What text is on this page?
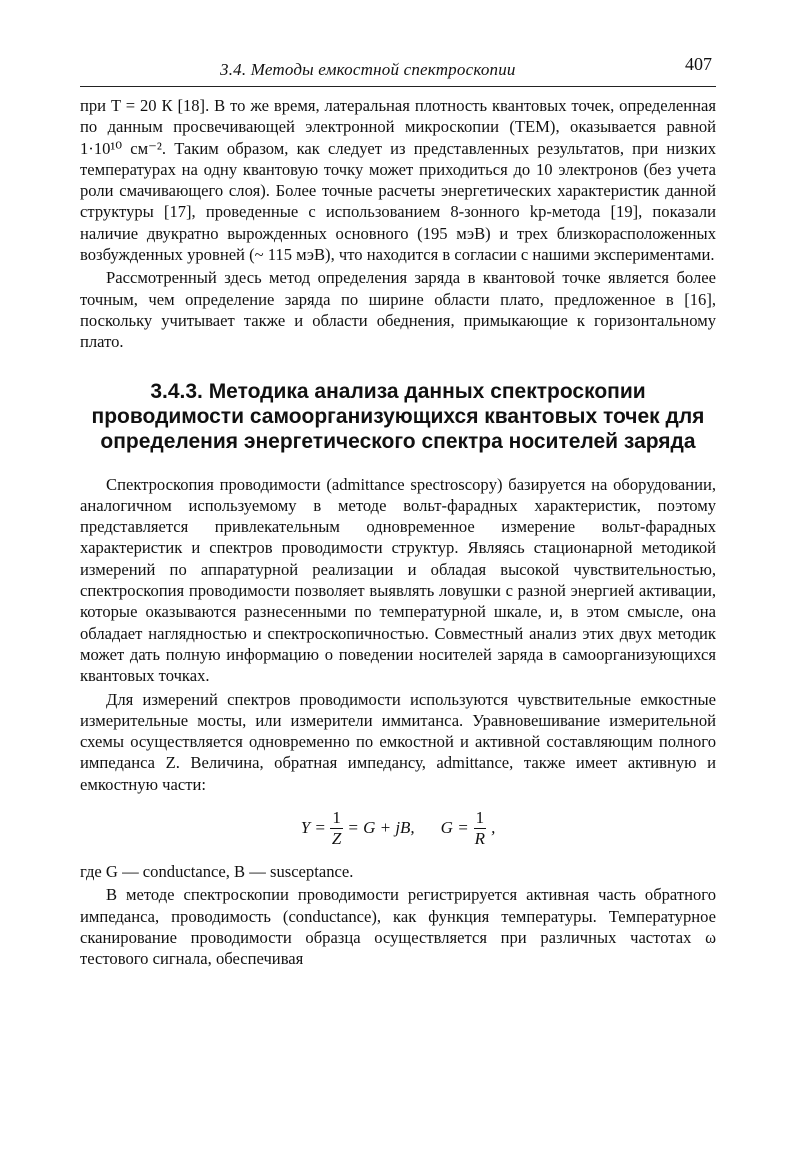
3.4. Методы емкостной спектроскопии	407

при T = 20 К [18]. В то же время, латеральная плотность квантовых точек, определенная по данным просвечивающей электронной микроскопии (ТЕМ), оказывается равной 1·10¹⁰ см⁻². Таким образом, как следует из представленных результатов, при низких температурах на одну квантовую точку может приходиться до 10 электронов (без учета роли смачивающего слоя). Более точные расчеты энергетических характеристик данной структуры [17], проведенные с использованием 8-зонного kp-метода [19], показали наличие двукратно вырожденных основного (195 мэВ) и трех близкорасположенных возбужденных уровней (~ 115 мэВ), что находится в согласии с нашими экспериментами.

Рассмотренный здесь метод определения заряда в квантовой точке является более точным, чем определение заряда по ширине области плато, предложенное в [16], поскольку учитывает также и области обеднения, примыкающие к горизонтальному плато.

3.4.3. Методика анализа данных спектроскопии проводимости самоорганизующихся квантовых точек для определения энергетического спектра носителей заряда

Спектроскопия проводимости (admittance spectroscopy) базируется на оборудовании, аналогичном используемому в методе вольт-фарадных характеристик, поэтому представляется привлекательным одновременное измерение вольт-фарадных характеристик и спектров проводимости структур. Являясь стационарной методикой измерений по аппаратурной реализации и обладая высокой чувствительностью, спектроскопия проводимости позволяет выявлять ловушки с разной энергией активации, которые оказываются разнесенными по температурной шкале, и, в этом смысле, она обладает наглядностью и спектроскопичностью. Совместный анализ этих двух методик может дать полную информацию о поведении носителей заряда в самоорганизующихся квантовых точках.

Для измерений спектров проводимости используются чувствительные емкостные измерительные мосты, или измерители иммитанса. Уравновешивание измерительной схемы осуществляется одновременно по емкостной и активной составляющим полного импеданса Z. Величина, обратная импедансу, admittance, также имеет активную и емкостную части:

$Y = \frac{1}{Z} = G$ + jB, $G = \frac{1}{R}$ ,

где G — conductance, B — susceptance.

В методе спектроскопии проводимости регистрируется активная часть обратного импеданса, проводимость (conductance), как функция температуры. Температурное сканирование проводимости образца осуществляется при различных частотах ω тестового сигнала, обеспечивая
